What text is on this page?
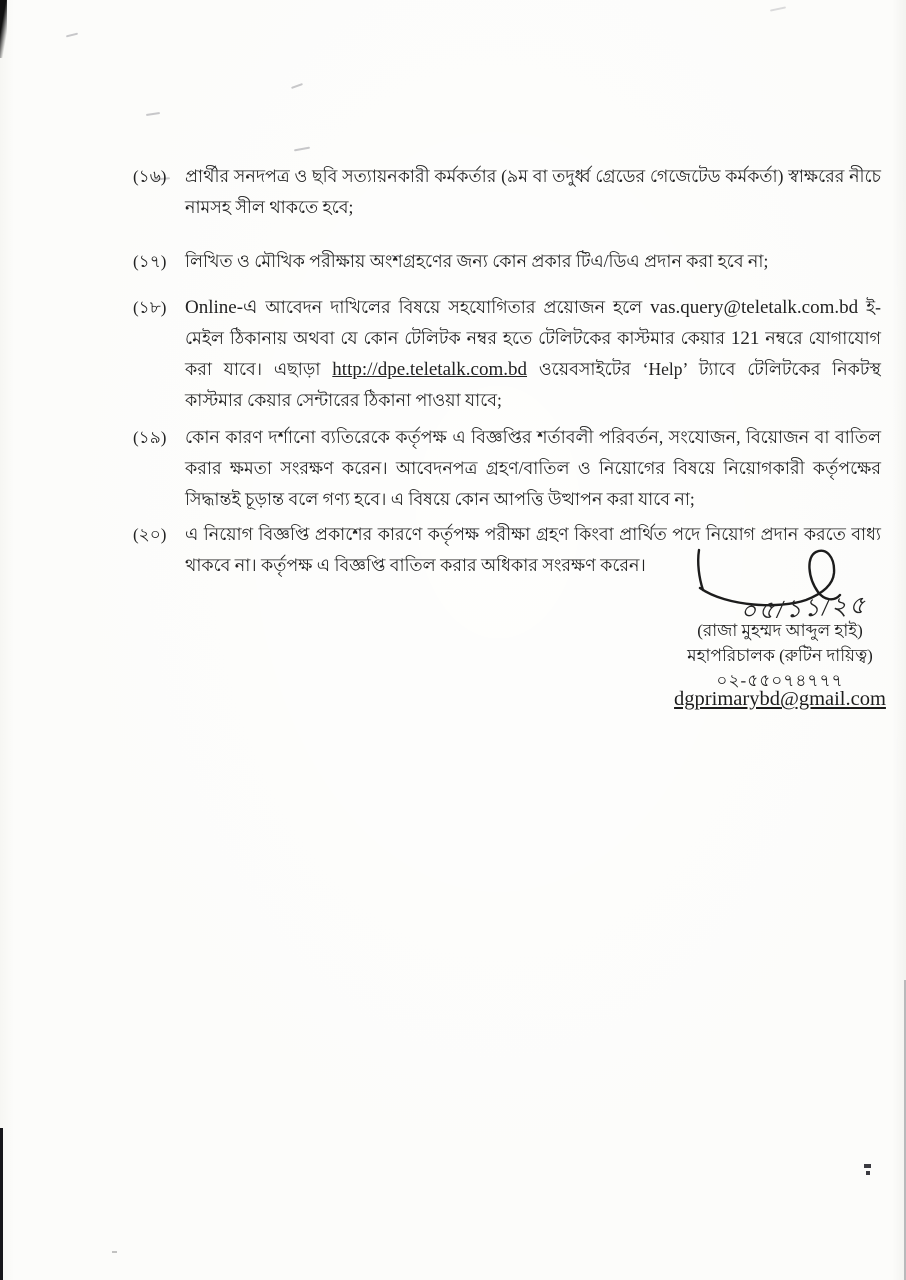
(১৬)	প্রার্থীর সনদপত্র ও ছবি সত্যায়নকারী কর্মকর্তার (৯ম বা তদুর্ধ্ব গ্রেডের গেজেটেড কর্মকর্তা) স্বাক্ষরের নীচে নামসহ সীল থাকতে হবে;
(১৭)	লিখিত ও মৌখিক পরীক্ষায় অংশগ্রহণের জন্য কোন প্রকার টিএ/ডিএ প্রদান করা হবে না;
(১৮) Online-এ আবেদন দাখিলের বিষয়ে সহযোগিতার প্রয়োজন হলে vas.query@teletalk.com.bd ই-মেইল ঠিকানায় অথবা যে কোন টেলিটক নম্বর হতে টেলিটকের কাস্টমার কেয়ার 121 নম্বরে যোগাযোগ করা যাবে। এছাড়া http://dpe.teletalk.com.bd ওয়েবসাইটের ‘Help’ ট্যাবে টেলিটকের নিকটস্থ কাস্টমার কেয়ার সেন্টারের ঠিকানা পাওয়া যাবে;
(১৯)	কোন কারণ দর্শানো ব্যতিরেকে কর্তৃপক্ষ এ বিজ্ঞপ্তির শর্তাবলী পরিবর্তন, সংযোজন, বিয়োজন বা বাতিল করার ক্ষমতা সংরক্ষণ করেন। আবেদনপত্র গ্রহণ/বাতিল ও নিয়োগের বিষয়ে নিয়োগকারী কর্তৃপক্ষের সিদ্ধান্তই চূড়ান্ত বলে গণ্য হবে। এ বিষয়ে কোন আপত্তি উত্থাপন করা যাবে না;
(২০)	এ নিয়োগ বিজ্ঞপ্তি প্রকাশের কারণে কর্তৃপক্ষ পরীক্ষা গ্রহণ কিংবা প্রার্থিত পদে নিয়োগ প্রদান করতে বাধ্য থাকবে না। কর্তৃপক্ষ এ বিজ্ঞপ্তি বাতিল করার অধিকার সংরক্ষণ করেন।
০৫/১১/২৫
(রাজা মুহম্মদ আব্দুল হাই)
মহাপরিচালক (রুটিন দায়িত্ব)
০২-৫৫০৭৪৭৭৭
dgprimarybd@gmail.com
